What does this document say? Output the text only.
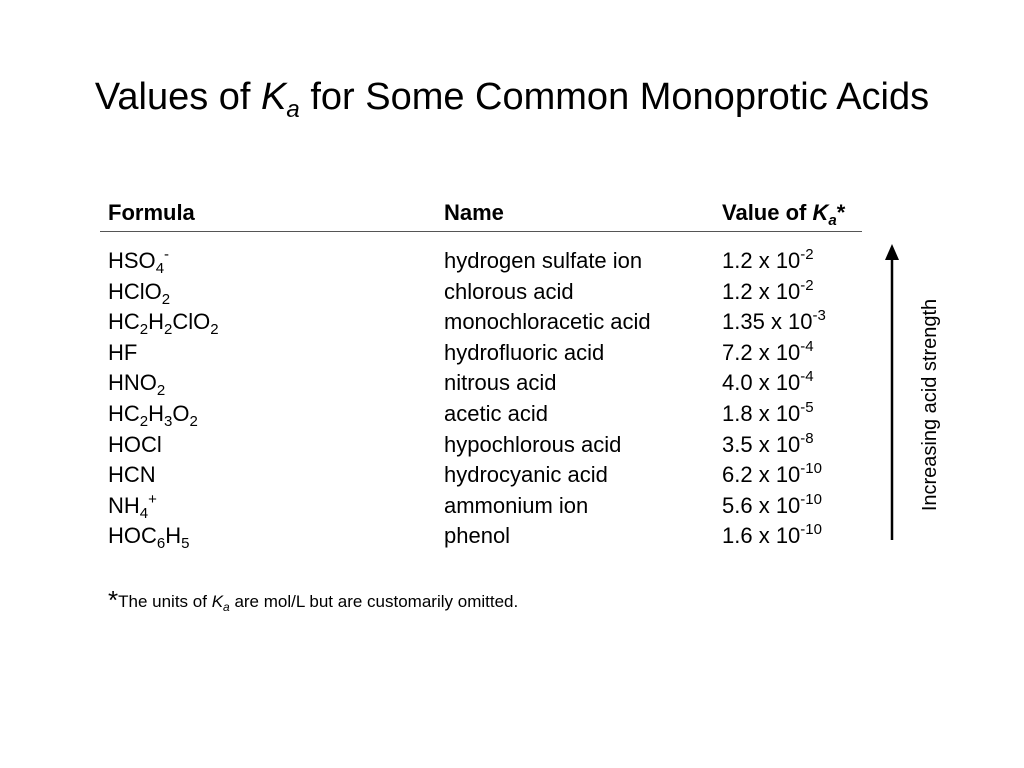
Values of $K_a$ for Some Common Monoprotic Acids
Formula	Name	Value of $K_a*$
$HSO_4^-$	hydrogen sulfate ion	1.2 x $10^{-2}$
HClO$_2$	chlorous acid	1.2 x $10^{-2}$
$HC_2H_2ClO_2$	monochloracetic acid	1.35 x $10^{-3}$
HF	hydrofluoric acid	7.2 x $10^{-4}$
$HNO_2$	nitrous acid	4.0 x $10^{-4}$
$HC_2H_3O_2$	acetic acid	1.8 x $10^{-5}$
HOCl	hypochlorous acid	3.5 x $10^{-8}$
HCN	hydrocyanic acid	6.2 x $10^{-10}$
$NH_4^+$	ammonium ion	5.6 x $10^{-10}$
$HOC_6H_5$	phenol	1.6 x $10^{-10}$
Increasing acid strength
*The units of $K_a$ are mol/L but are customarily omitted.
